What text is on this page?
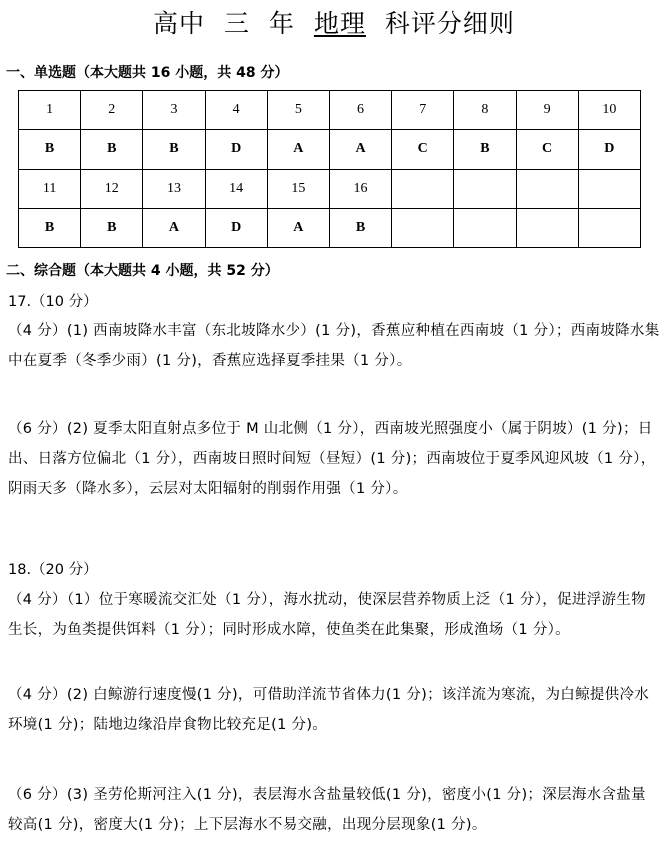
高中 三 年 地理 科评分细则
一、单选题（本大题共 16 小题，共 48 分）
1	2	3	4	5	6	7	8	9	10
B	B	B	D	A	A	C	B	C	D
11	12	13	14	15	16				
B	B	A	D	A	B				
二、综合题（本大题共 4 小题，共 52 分）
17.（10 分）
（4 分）(1) 西南坡降水丰富（东北坡降水少）(1 分)，香蕉应种植在西南坡（1 分）；西南坡降水集中在夏季（冬季少雨）(1 分)，香蕉应选择夏季挂果（1 分）。
（6 分）(2) 夏季太阳直射点多位于 M 山北侧（1 分），西南坡光照强度小（属于阴坡）(1 分)；日出、日落方位偏北（1 分），西南坡日照时间短（昼短）(1 分)；西南坡位于夏季风迎风坡（1 分），阴雨天多（降水多），云层对太阳辐射的削弱作用强（1 分）。
18.（20 分）
（4 分）（1）位于寒暖流交汇处（1 分），海水扰动，使深层营养物质上泛（1 分），促进浮游生物生长，为鱼类提供饵料（1 分）；同时形成水障，使鱼类在此集聚，形成渔场（1 分）。
（4 分）(2) 白鲸游行速度慢(1 分)，可借助洋流节省体力(1 分)；该洋流为寒流，为白鲸提供冷水环境(1 分)；陆地边缘沿岸食物比较充足(1 分)。
（6 分）(3) 圣劳伦斯河注入(1 分)，表层海水含盐量较低(1 分)，密度小(1 分)；深层海水含盐量较高(1 分)，密度大(1 分)；上下层海水不易交融，出现分层现象(1 分)。
